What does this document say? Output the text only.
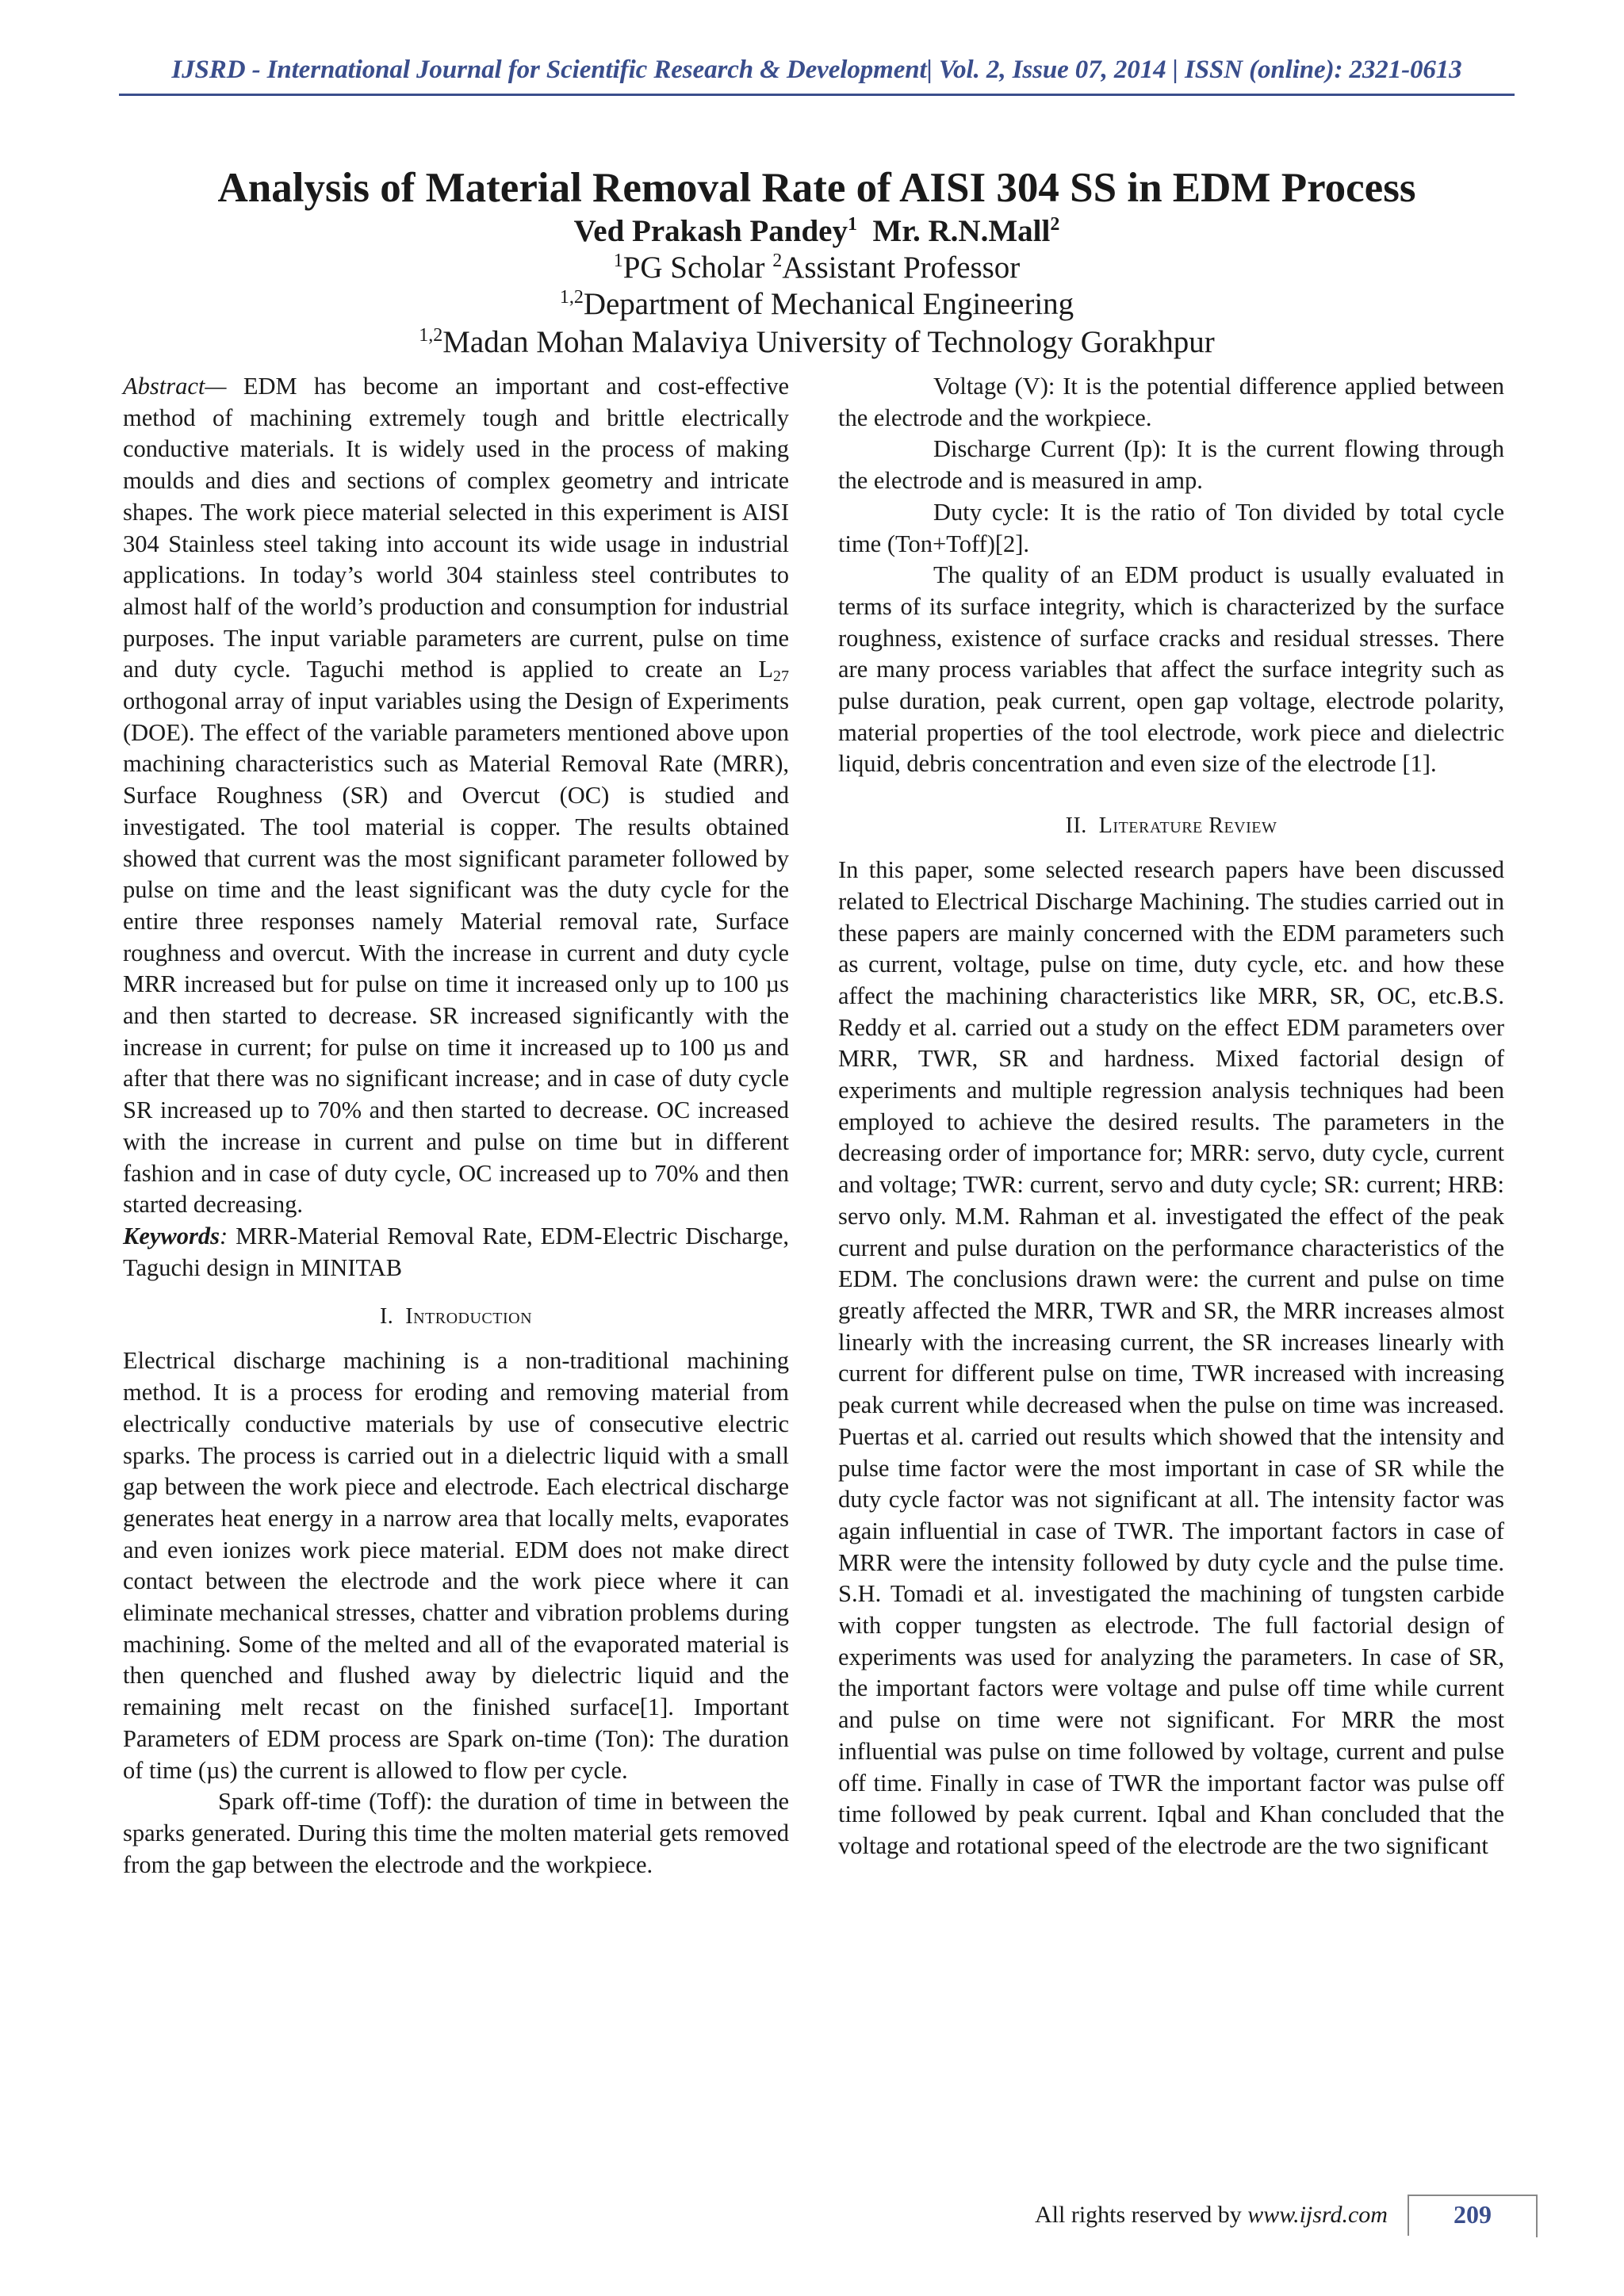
IJSRD - International Journal for Scientific Research & Development| Vol. 2, Issue 07, 2014 | ISSN (online): 2321-0613
Analysis of Material Removal Rate of AISI 304 SS in EDM Process
Ved Prakash Pandey$^1$ Mr. R.N.Mall$^2$
$^1$PG Scholar $^2$Assistant Professor
$^{1,2}$Department of Mechanical Engineering
$^{1,2}$Madan Mohan Malaviya University of Technology Gorakhpur

Abstract— EDM has become an important and cost-effective method of machining extremely tough and brittle electrically conductive materials. It is widely used in the process of making moulds and dies and sections of complex geometry and intricate shapes. The work piece material selected in this experiment is AISI 304 Stainless steel taking into account its wide usage in industrial applications. In today’s world 304 stainless steel contributes to almost half of the world’s production and consumption for industrial purposes. The input variable parameters are current, pulse on time and duty cycle. Taguchi method is applied to create an $L_{27}$ orthogonal array of input variables using the Design of Experiments (DOE). The effect of the variable parameters mentioned above upon machining characteristics such as Material Removal Rate (MRR), Surface Roughness (SR) and Overcut (OC) is studied and investigated. The tool material is copper. The results obtained showed that current was the most significant parameter followed by pulse on time and the least significant was the duty cycle for the entire three responses namely Material removal rate, Surface roughness and overcut. With the increase in current and duty cycle MRR increased but for pulse on time it increased only up to 100 µs and then started to decrease. SR increased significantly with the increase in current; for pulse on time it increased up to 100 µs and after that there was no significant increase; and in case of duty cycle SR increased up to 70% and then started to decrease. OC increased with the increase in current and pulse on time but in different fashion and in case of duty cycle, OC increased up to 70% and then started decreasing.

Keywords: MRR-Material Removal Rate, EDM-Electric Discharge, Taguchi design in MINITAB

I. Introduction

Electrical discharge machining is a non-traditional machining method. It is a process for eroding and removing material from electrically conductive materials by use of consecutive electric sparks. The process is carried out in a dielectric liquid with a small gap between the work piece and electrode. Each electrical discharge generates heat energy in a narrow area that locally melts, evaporates and even ionizes work piece material. EDM does not make direct contact between the electrode and the work piece where it can eliminate mechanical stresses, chatter and vibration problems during machining. Some of the melted and all of the evaporated material is then quenched and flushed away by dielectric liquid and the remaining melt recast on the finished surface[1]. Important Parameters of EDM process are Spark on-time (Ton): The duration of time (µs) the current is allowed to flow per cycle.

Spark off-time (Toff): the duration of time in between the sparks generated. During this time the molten material gets removed from the gap between the electrode and the workpiece.

Voltage (V): It is the potential difference applied between the electrode and the workpiece.

Discharge Current (Ip): It is the current flowing through the electrode and is measured in amp.

Duty cycle: It is the ratio of Ton divided by total cycle time (Ton+Toff)[2].

The quality of an EDM product is usually evaluated in terms of its surface integrity, which is characterized by the surface roughness, existence of surface cracks and residual stresses. There are many process variables that affect the surface integrity such as pulse duration, peak current, open gap voltage, electrode polarity, material properties of the tool electrode, work piece and dielectric liquid, debris concentration and even size of the electrode [1].

II. Literature Review

In this paper, some selected research papers have been discussed related to Electrical Discharge Machining. The studies carried out in these papers are mainly concerned with the EDM parameters such as current, voltage, pulse on time, duty cycle, etc. and how these affect the machining characteristics like MRR, SR, OC, etc.B.S. Reddy et al. carried out a study on the effect EDM parameters over MRR, TWR, SR and hardness. Mixed factorial design of experiments and multiple regression analysis techniques had been employed to achieve the desired results. The parameters in the decreasing order of importance for; MRR: servo, duty cycle, current and voltage; TWR: current, servo and duty cycle; SR: current; HRB: servo only. M.M. Rahman et al. investigated the effect of the peak current and pulse duration on the performance characteristics of the EDM. The conclusions drawn were: the current and pulse on time greatly affected the MRR, TWR and SR, the MRR increases almost linearly with the increasing current, the SR increases linearly with current for different pulse on time, TWR increased with increasing peak current while decreased when the pulse on time was increased. Puertas et al. carried out results which showed that the intensity and pulse time factor were the most important in case of SR while the duty cycle factor was not significant at all. The intensity factor was again influential in case of TWR. The important factors in case of MRR were the intensity followed by duty cycle and the pulse time. S.H. Tomadi et al. investigated the machining of tungsten carbide with copper tungsten as electrode. The full factorial design of experiments was used for analyzing the parameters. In case of SR, the important factors were voltage and pulse off time while current and pulse on time were not significant. For MRR the most influential was pulse on time followed by voltage, current and pulse off time. Finally in case of TWR the important factor was pulse off time followed by peak current. Iqbal and Khan concluded that the voltage and rotational speed of the electrode are the two significant

All rights reserved by www.ijsrd.com	209
